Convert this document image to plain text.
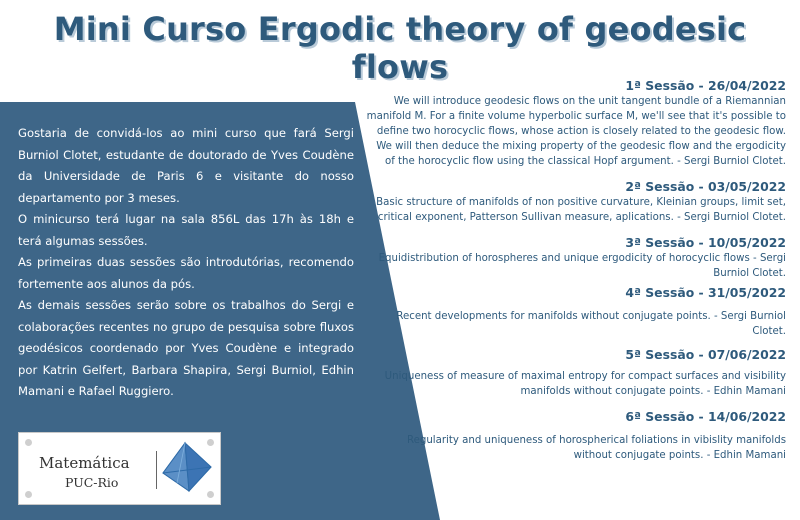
Mini Curso Ergodic theory of geodesic flows

Gostaria de convidá-los ao mini curso que fará Sergi Burniol Clotet, estudante de doutorado de Yves Coudène da Universidade de Paris 6 e visitante do nosso departamento por 3 meses.

O minicurso terá lugar na sala 856L das 17h às 18h e terá algumas sessões.

As primeiras duas sessões são introdutórias, recomendo fortemente aos alunos da pós.

As demais sessões serão sobre os trabalhos do Sergi e colaborações recentes no grupo de pesquisa sobre fluxos geodésicos coordenado por Yves Coudène e integrado por Katrin Gelfert, Barbara Shapira, Sergi Burniol, Edhin Mamani e Rafael Ruggiero.

Matemática
PUC-Rio
1ª Sessão - 26/04/2022
We will introduce geodesic flows on the unit tangent bundle of a Riemannian manifold M. For a finite volume hyperbolic surface M, we'll see that it's possible to define two horocyclic flows, whose action is closely related to the geodesic flow. We will then deduce the mixing property of the geodesic flow and the ergodicity of the horocyclic flow using the classical Hopf argument. - Sergi Burniol Clotet.
2ª Sessão - 03/05/2022
Basic structure of manifolds of non positive curvature, Kleinian groups, limit set, critical exponent, Patterson Sullivan measure, aplications. - Sergi Burniol Clotet.
3ª Sessão - 10/05/2022
Equidistribution of horospheres and unique ergodicity of horocyclic flows - Sergi Burniol Clotet.
4ª Sessão - 31/05/2022
Recent developments for manifolds without conjugate points. - Sergi Burniol Clotet.
5ª Sessão - 07/06/2022
Uniqueness of measure of maximal entropy for compact surfaces and visibility manifolds without conjugate points. - Edhin Mamani
6ª Sessão - 14/06/2022
Regularity and uniqueness of horospherical foliations in vibislity manifolds without conjugate points. - Edhin Mamani
